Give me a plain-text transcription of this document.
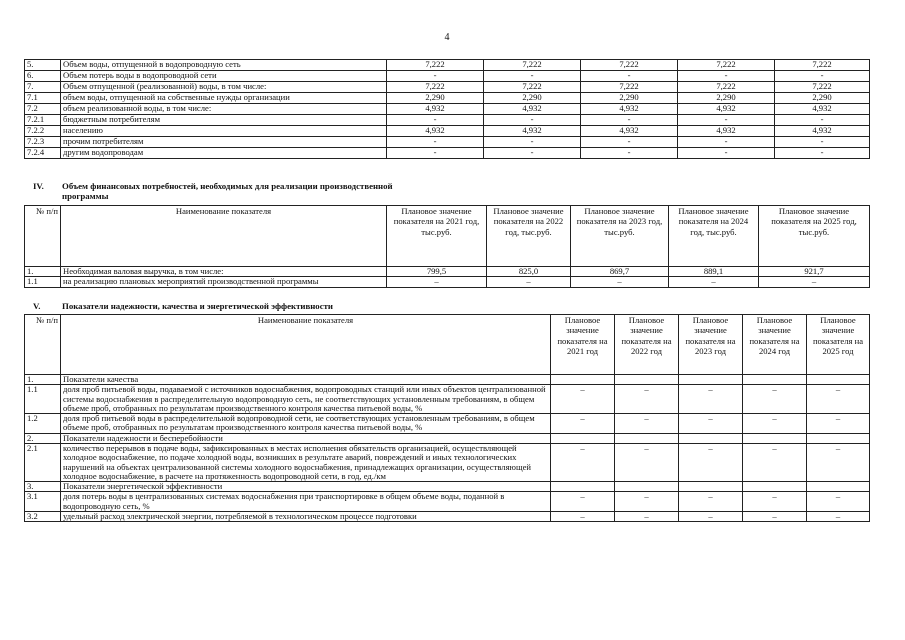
4
5.	Объем воды, отпущенной в водопроводную сеть	7,222	7,222	7,222	7,222	7,222
6.	Объем потерь воды в водопроводной сети	-	-	-	-	-
7.	Объем отпущенной (реализованной) воды, в том числе:	7,222	7,222	7,222	7,222	7,222
7.1	объем воды, отпущенной на собственные нужды организации	2,290	2,290	2,290	2,290	2,290
7.2	объем реализованной воды, в том числе:	4,932	4,932	4,932	4,932	4,932
7.2.1	бюджетным потребителям	-	-	-	-	-
7.2.2	населению	4,932	4,932	4,932	4,932	4,932
7.2.3	прочим потребителям	-	-	-	-	-
7.2.4	другим водопроводам	-	-	-	-	-
IV. Объем финансовых потребностей, необходимых для реализации производственной
программы
№ п/п	Наименование показателя	Плановое значение показателя на 2021 год, тыс.руб.	Плановое значение показателя на 2022 год, тыс.руб.	Плановое значение показателя на 2023 год, тыс.руб.	Плановое значение показателя на 2024 год, тыс.руб.	Плановое значение показателя на 2025 год, тыс.руб.
1.	Необходимая валовая выручка, в том числе:	799,5	825,0	869,7	889,1	921,7
1.1	на реализацию плановых мероприятий производственной программы	–	–	–	–	–
V. Показатели надежности, качества и энергетической эффективности
№ п/п	Наименование показателя	Плановое значение показателя на 2021 год	Плановое значение показателя на 2022 год	Плановое значение показателя на 2023 год	Плановое значение показателя на 2024 год	Плановое значение показателя на 2025 год
1.	Показатели качества					
1.1	доля проб питьевой воды, подаваемой с источников водоснабжения, водопроводных станций или иных объектов централизованной системы водоснабжения в распределительную водопроводную сеть, не соответствующих установленным требованиям, в общем объеме проб, отобранных по результатам производственного контроля качества питьевой воды, %	–	–	–	–	–
1.2	доля проб питьевой воды в распределительной водопроводной сети, не соответствующих установленным требованиям, в общем объеме проб, отобранных по результатам производственного контроля качества питьевой воды, %	–	–	–	–	–
2.	Показатели надежности и бесперебойности					
2.1	количество перерывов в подаче воды, зафиксированных в местах исполнения обязательств организацией, осуществляющей холодное водоснабжение, по подаче холодной воды, возникших в результате аварий, повреждений и иных технологических нарушений на объектах централизованной системы холодного водоснабжения, принадлежащих организации, осуществляющей холодное водоснабжение, в расчете на протяженность водопроводной сети, в год, ед./км	–	–	–	–	–
3.	Показатели энергетической эффективности					
3.1	доля потерь воды в централизованных системах водоснабжения при транспортировке в общем объеме воды, поданной в водопроводную сеть, %	–	–	–	–	–
3.2	удельный расход электрической энергии, потребляемой в технологическом процессе подготовки	–	–	–	–	–
